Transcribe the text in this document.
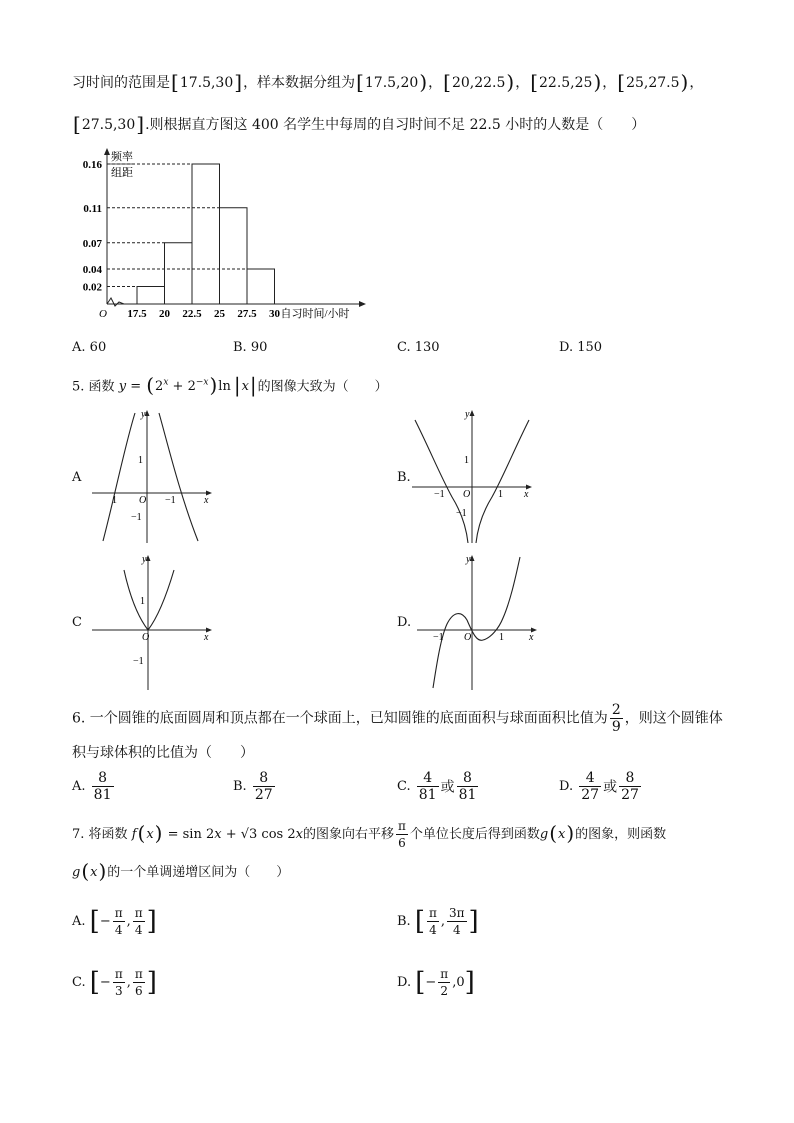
习时间的范围是[17.5,30]，样本数据分组为[17.5,20)，[20,22.5)，[22.5,25)，[25,27.5)，
[27.5,30].则根据直方图这 400 名学生中每周的自习时间不足 22.5 小时的人数是（　　）
频率
组距
0.16
0.11
0.07
0.04
0.02
17.5 20 22.5 25 27.5 30
O	自习时间/小时
A. 60	B. 90	C. 130	D. 150
5. 函数 $y = (2^x + 2^{-x})\ln$ |x|的图像大致为（　　）
A	B.
C	D.
y
x
O
1
−1
1	−1
y
x
O
1
−1
−1	1
y
x
O
1
−1
y
x
O
−1	1
6. 一个圆锥的底面圆周和顶点都在一个球面上，已知圆锥的底面面积与球面面积比值为 $\frac{2}{9}$ ，则这个圆锥体
积与球体积的比值为（　　）
A. $\frac{8}{81}$	B. $\frac{8}{27}$	C. $\frac{4}{81}$ 或 $\frac{8}{81}$	D. $\frac{4}{27}$ 或 $\frac{8}{27}$
7. 将函数 f(x) = sin 2x + √3 cos 2x的图象向右平移 $\frac{\pi}{6}$ 个单位长度后得到函数g(x)的图象，则函数
g(x)的一个单调递增区间为（　　）
A. [− $\frac{\pi}{4}$ , $\frac{\pi}{4}$ ]	B. [ $\frac{\pi}{4}$ , $\frac{3\pi}{4}$ ]
C. [− $\frac{\pi}{3}$ , $\frac{\pi}{6}$ ]	D. [− $\frac{\pi}{2} ,0$]
